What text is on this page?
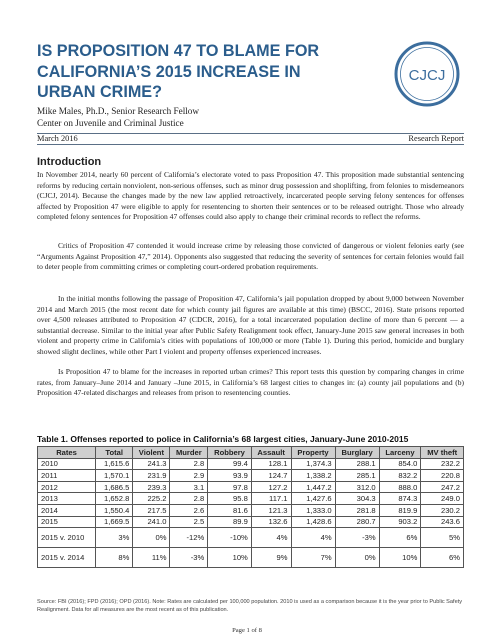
IS PROPOSITION 47 TO BLAME FOR CALIFORNIA’S 2015 INCREASE IN URBAN CRIME?
CJCJ
Mike Males, Ph.D., Senior Research Fellow
Center on Juvenile and Criminal Justice
March 2016	Research Report
Introduction

In November 2014, nearly 60 percent of California’s electorate voted to pass Proposition 47. This proposition made substantial sentencing reforms by reducing certain nonviolent, non-serious offenses, such as minor drug possession and shoplifting, from felonies to misdemeanors (CJCJ, 2014). Because the changes made by the new law applied retroactively, incarcerated people serving felony sentences for offenses affected by Proposition 47 were eligible to apply for resentencing to shorten their sentences or to be released outright. Those who already completed felony sentences for Proposition 47 offenses could also apply to change their criminal records to reflect the reforms.

Critics of Proposition 47 contended it would increase crime by releasing those convicted of dangerous or violent felonies early (see “Arguments Against Proposition 47,” 2014). Opponents also suggested that reducing the severity of sentences for certain felonies would fail to deter people from committing crimes or completing court-ordered probation requirements.

In the initial months following the passage of Proposition 47, California’s jail population dropped by about 9,000 between November 2014 and March 2015 (the most recent date for which county jail figures are available at this time) (BSCC, 2016). State prisons reported over 4,500 releases attributed to Proposition 47 (CDCR, 2016), for a total incarcerated population decline of more than 6 percent — a substantial decrease. Similar to the initial year after Public Safety Realignment took effect, January-June 2015 saw general increases in both violent and property crime in California’s cities with populations of 100,000 or more (Table 1). During this period, homicide and burglary showed slight declines, while other Part I violent and property offenses experienced increases.

Is Proposition 47 to blame for the increases in reported urban crimes? This report tests this question by comparing changes in crime rates, from January–June 2014 and January –June 2015, in California’s 68 largest cities to changes in: (a) county jail populations and (b) Proposition 47-related discharges and releases from prison to resentencing counties.

Table 1. Offenses reported to police in California’s 68 largest cities, January-June 2010-2015
Rates	Total	Violent	Murder	Robbery	Assault	Property	Burglary	Larceny	MV theft
2010	1,615.6	241.3	2.8	99.4	128.1	1,374.3	288.1	854.0	232.2
2011	1,570.1	231.9	2.9	93.9	124.7	1,338.2	285.1	832.2	220.8
2012	1,686.5	239.3	3.1	97.8	127.2	1,447.2	312.0	888.0	247.2
2013	1,652.8	225.2	2.8	95.8	117.1	1,427.6	304.3	874.3	249.0
2014	1,550.4	217.5	2.6	81.6	121.3	1,333.0	281.8	819.9	230.2
2015	1,669.5	241.0	2.5	89.9	132.6	1,428.6	280.7	903.2	243.6
2015 v. 2010	3%	0%	-12%	-10%	4%	4%	-3%	6%	5%
2015 v. 2014	8%	11%	-3%	10%	9%	7%	0%	10%	6%
Source: FBI (2016); FPD (2016); OPD (2016). Note: Rates are calculated per 100,000 population. 2010 is used as a comparison because it is the year prior to Public Safety Realignment. Data for all measures are the most recent as of this publication.
Page 1 of 8
